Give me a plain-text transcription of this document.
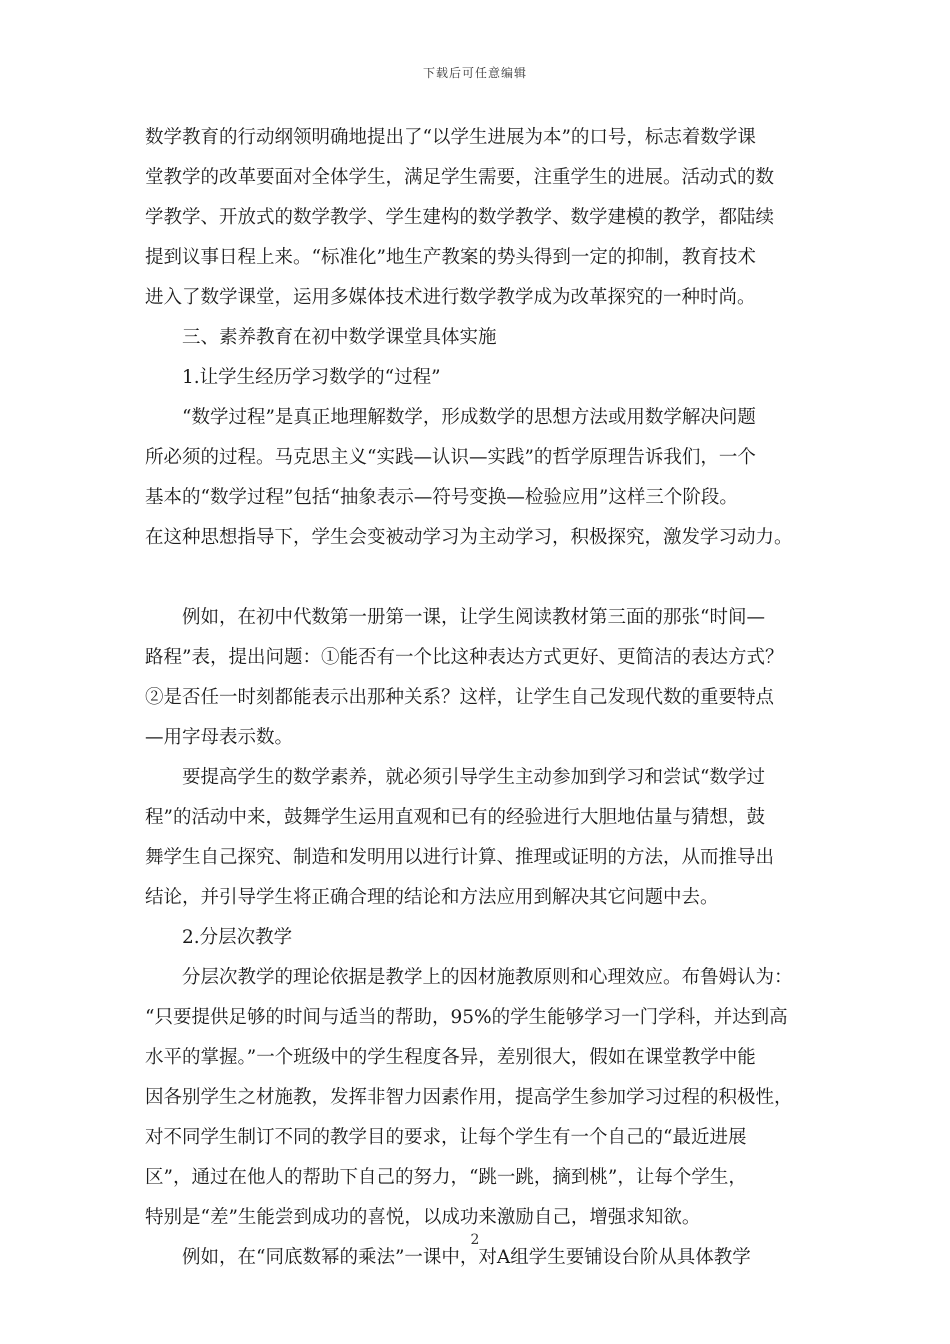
下载后可任意编辑
数学教育的行动纲领明确地提出了“以学生进展为本”的口号，标志着数学课
堂教学的改革要面对全体学生，满足学生需要，注重学生的进展。活动式的数
学教学、开放式的数学教学、学生建构的数学教学、数学建模的教学，都陆续
提到议事日程上来。“标准化”地生产教案的势头得到一定的抑制，教育技术
进入了数学课堂，运用多媒体技术进行数学教学成为改革探究的一种时尚。
三、素养教育在初中数学课堂具体实施
1.让学生经历学习数学的“过程”
“数学过程”是真正地理解数学，形成数学的思想方法或用数学解决问题
所必须的过程。马克思主义“实践—认识—实践”的哲学原理告诉我们，一个
基本的“数学过程”包括“抽象表示—符号变换—检验应用”这样三个阶段。
在这种思想指导下，学生会变被动学习为主动学习，积极探究，激发学习动力。
例如，在初中代数第一册第一课，让学生阅读教材第三面的那张“时间—
路程”表，提出问题：①能否有一个比这种表达方式更好、更简洁的表达方式？
②是否任一时刻都能表示出那种关系？这样，让学生自己发现代数的重要特点
—用字母表示数。
要提高学生的数学素养，就必须引导学生主动参加到学习和尝试“数学过
程”的活动中来，鼓舞学生运用直观和已有的经验进行大胆地估量与猜想，鼓
舞学生自己探究、制造和发明用以进行计算、推理或证明的方法，从而推导出
结论，并引导学生将正确合理的结论和方法应用到解决其它问题中去。
2.分层次教学
分层次教学的理论依据是教学上的因材施教原则和心理效应。布鲁姆认为：
“只要提供足够的时间与适当的帮助，95%的学生能够学习一门学科，并达到高
水平的掌握。”一个班级中的学生程度各异，差别很大，假如在课堂教学中能
因各别学生之材施教，发挥非智力因素作用，提高学生参加学习过程的积极性，
对不同学生制订不同的教学目的要求，让每个学生有一个自己的“最近进展
区”，通过在他人的帮助下自己的努力，“跳一跳，摘到桃”，让每个学生，
特别是“差”生能尝到成功的喜悦，以成功来激励自己，增强求知欲。
例如，在“同底数幂的乘法”一课中，对A组学生要铺设台阶从具体教学
2
